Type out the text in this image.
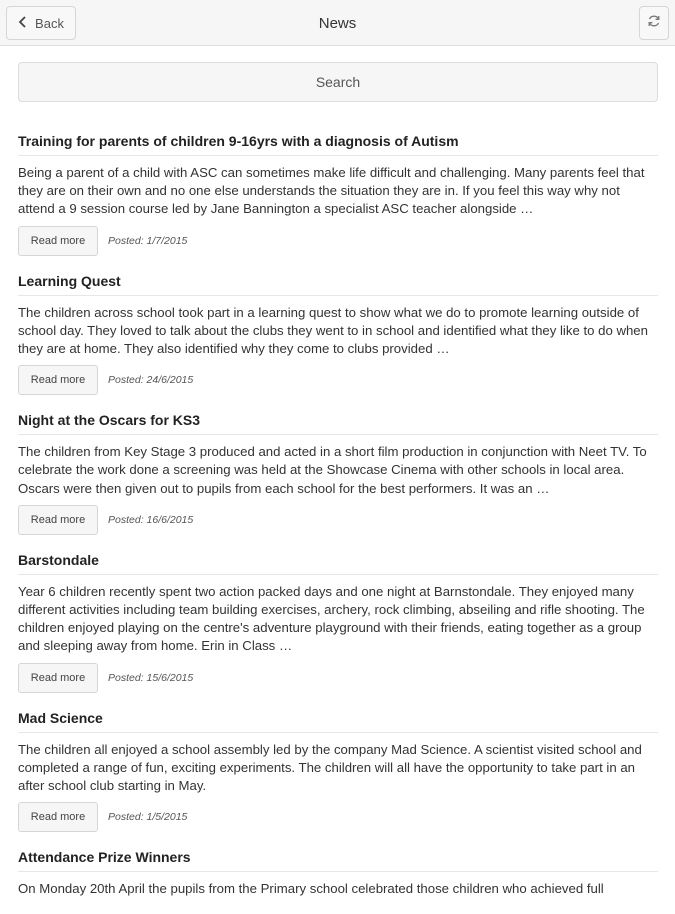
Back	News
Search
Training for parents of children 9-16yrs with a diagnosis of Autism
Being a parent of a child with ASC can sometimes make life difficult and challenging. Many parents feel that they are on their own and no one else understands the situation they are in. If you feel this way why not attend a 9 session course led by Jane Bannington a specialist ASC teacher alongside …
Read more	Posted: 1/7/2015
Learning Quest
The children across school took part in a learning quest to show what we do to promote learning outside of school day. They loved to talk about the clubs they went to in school and identified what they like to do when they are at home. They also identified why they come to clubs provided …
Read more	Posted: 24/6/2015
Night at the Oscars for KS3
The children from Key Stage 3 produced and acted in a short film production in conjunction with Neet TV. To celebrate the work done a screening was held at the Showcase Cinema with other schools in local area. Oscars were then given out to pupils from each school for the best performers. It was an …
Read more	Posted: 16/6/2015
Barstondale
Year 6 children recently spent two action packed days and one night at Barnstondale. They enjoyed many different activities including team building exercises, archery, rock climbing, abseiling and rifle shooting. The children enjoyed playing on the centre's adventure playground with their friends, eating together as a group and sleeping away from home. Erin in Class …
Read more	Posted: 15/6/2015
Mad Science
The children all enjoyed a school assembly led by the company Mad Science. A scientist visited school and completed a range of fun, exciting experiments. The children will all have the opportunity to take part in an after school club starting in May.
Read more	Posted: 1/5/2015
Attendance Prize Winners
On Monday 20th April the pupils from the Primary school celebrated those children who achieved full
